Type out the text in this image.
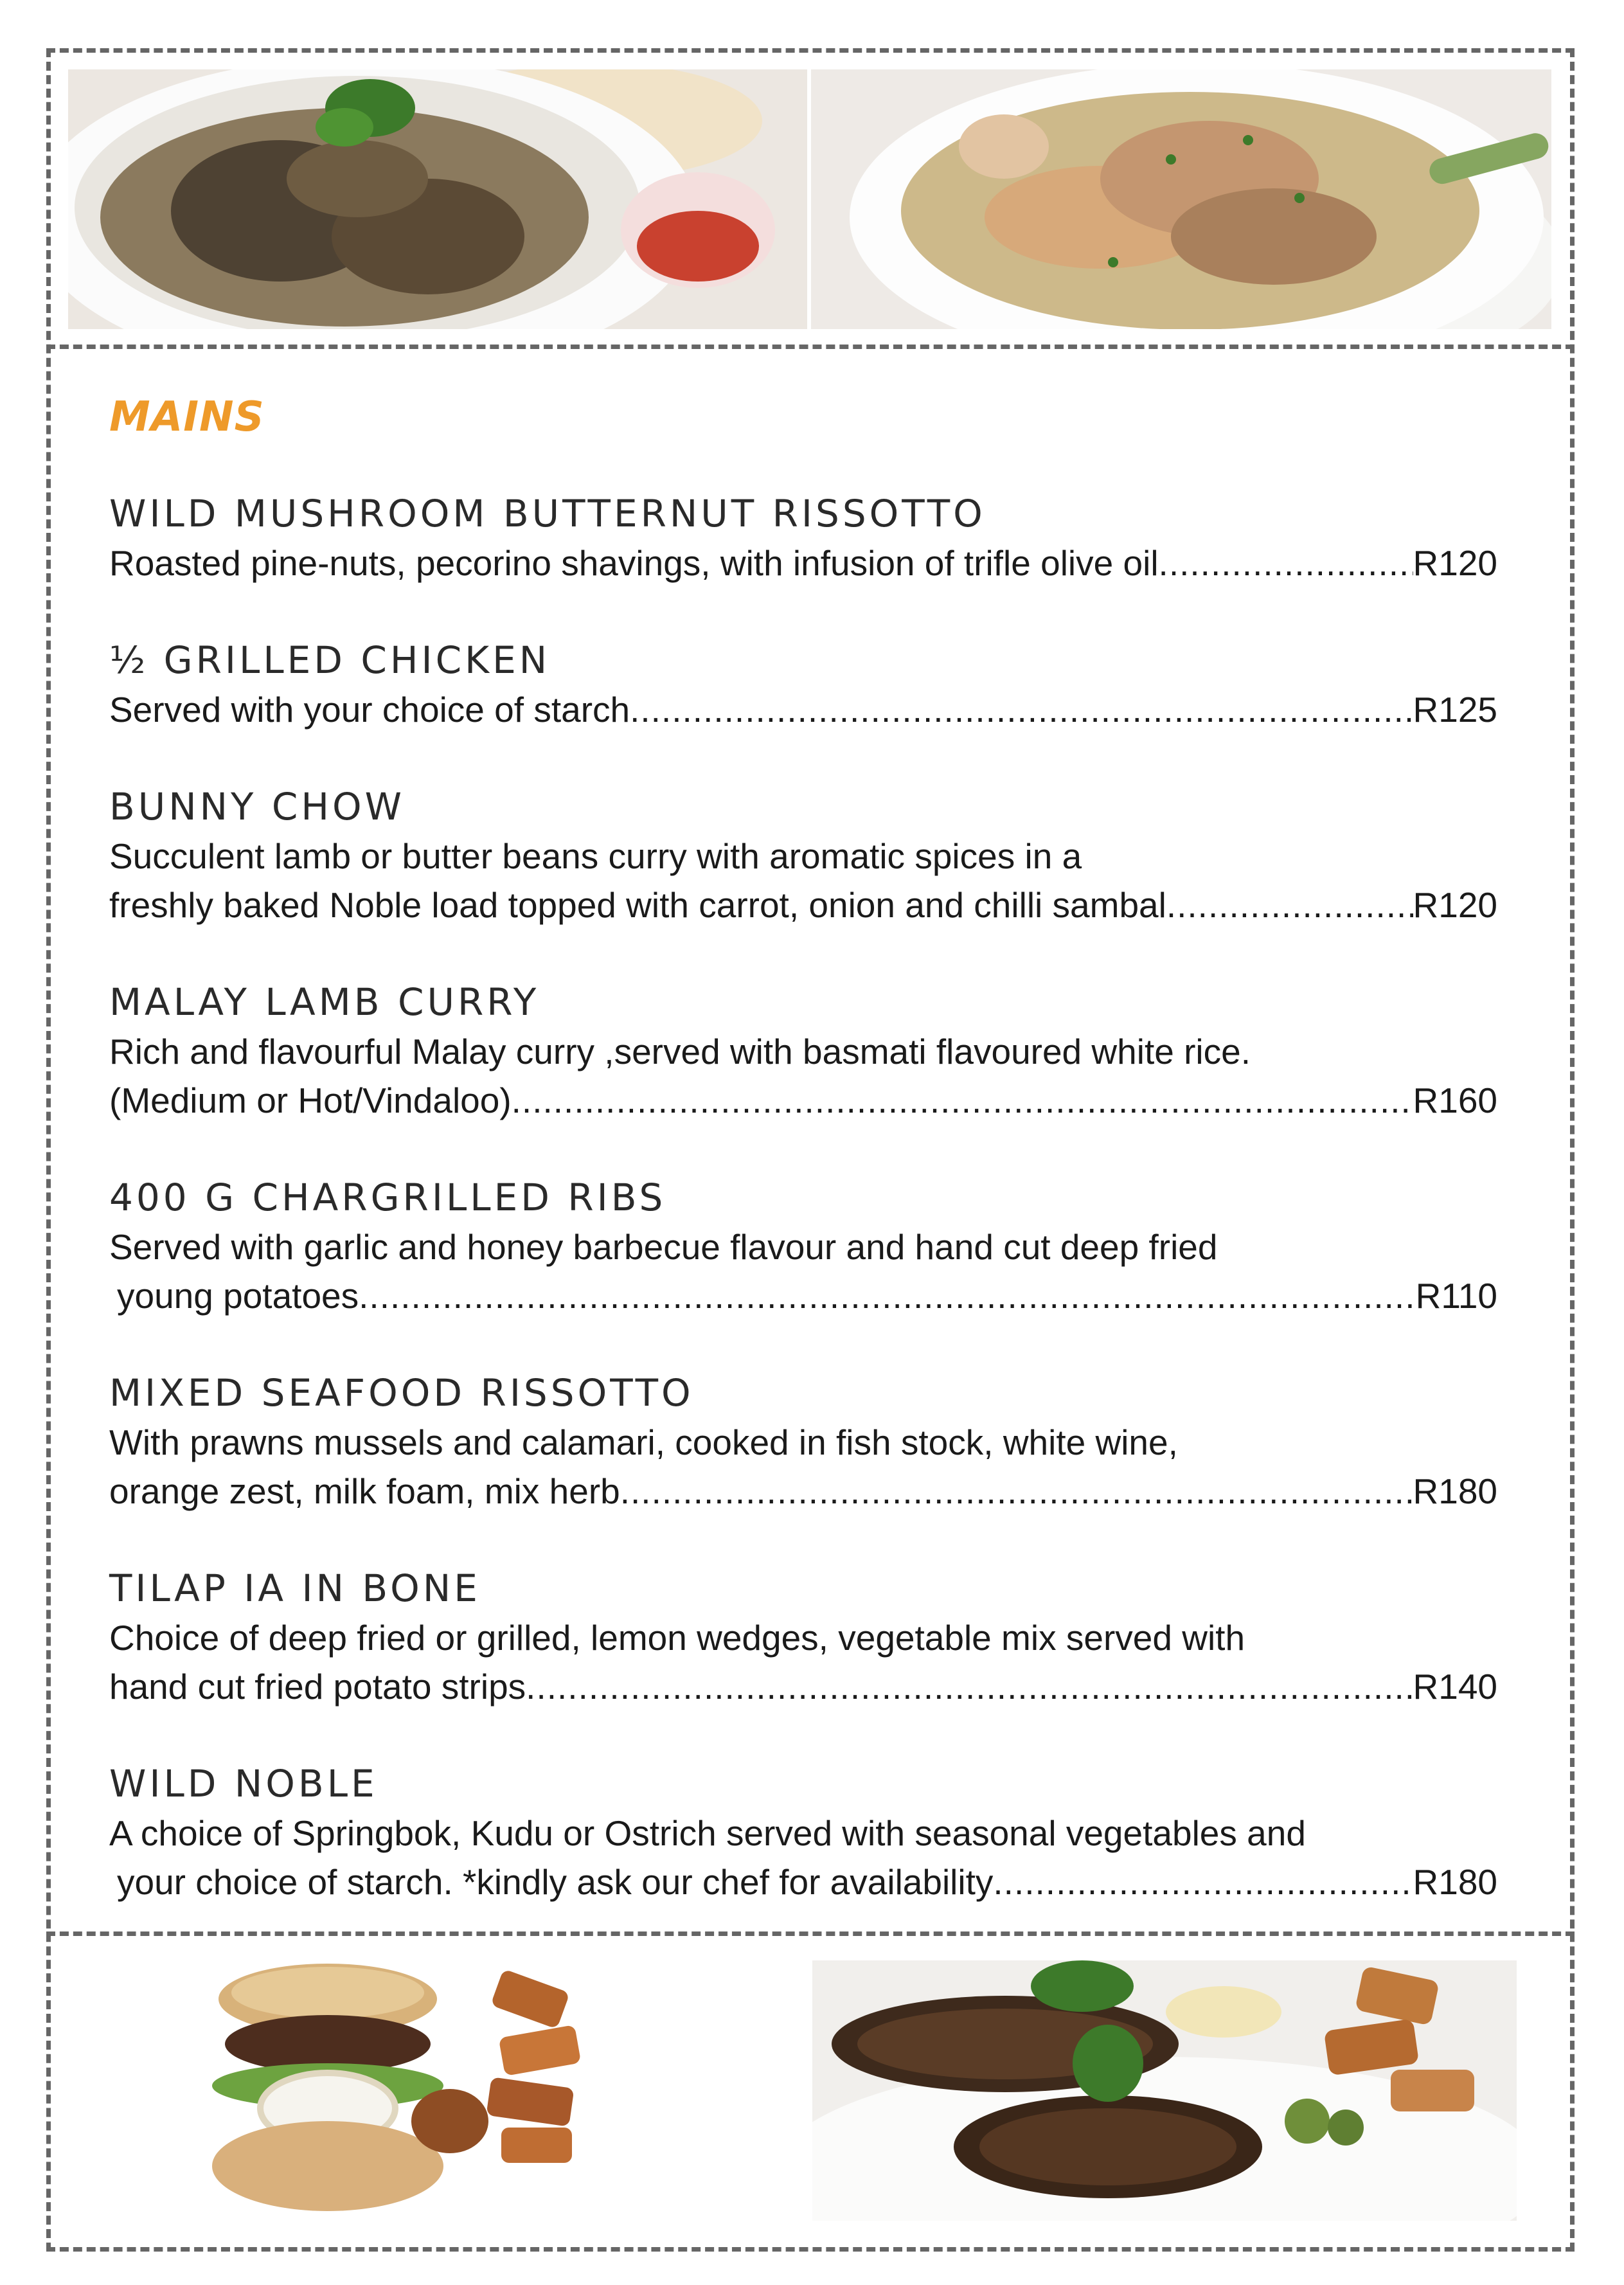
MAINS
WILD MUSHROOM BUTTERNUT RISSOTTO
Roasted pine-nuts, pecorino shavings, with infusion of trifle olive oil .....	R120
½ GRILLED CHICKEN
Served with your choice of starch .....	R125
BUNNY CHOW
Succulent lamb or butter beans curry with aromatic spices in a
freshly baked Noble load topped with carrot, onion and chilli sambal .....	R120
MALAY LAMB CURRY
Rich and flavourful Malay curry ,served with basmati flavoured white rice.
(Medium or Hot/Vindaloo) .....	R160
400 G CHARGRILLED RIBS
Served with garlic and honey barbecue flavour and hand cut deep fried
young potatoes .....	R110
MIXED SEAFOOD RISSOTTO
With prawns mussels and calamari, cooked in fish stock, white wine,
orange zest, milk foam, mix herb .....	R180
TILAP IA IN BONE
Choice of deep fried or grilled, lemon wedges, vegetable mix served with
hand cut fried potato strips .....	R140
WILD NOBLE
A choice of Springbok, Kudu or Ostrich served with seasonal vegetables and
your choice of starch. *kindly ask our chef for availability .....	R180
